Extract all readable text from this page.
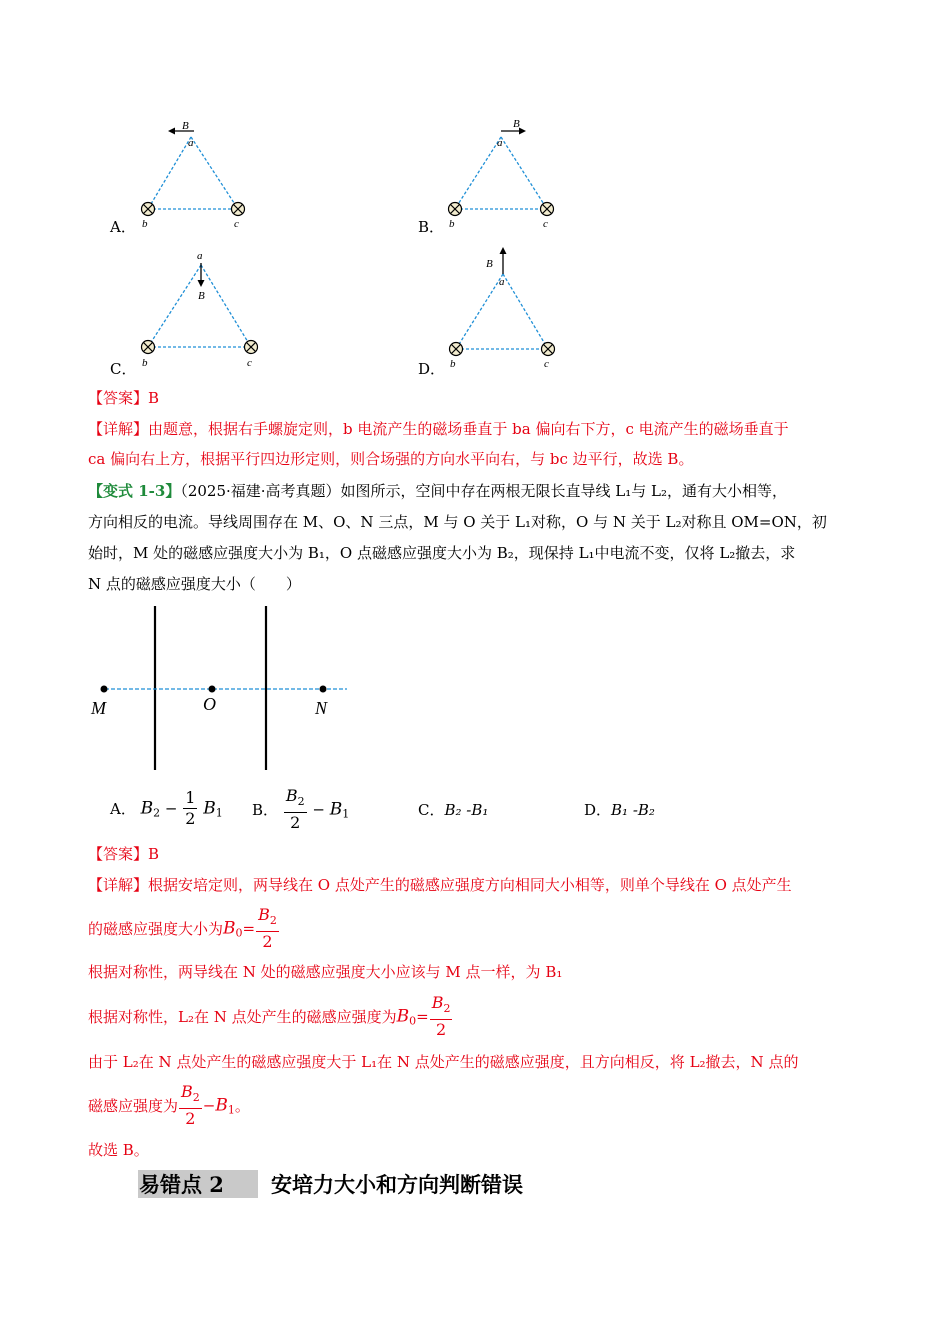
A．
B
a
b	c	B．
B
a
b	c
C．
a
B
b	c	D．
B
a
b	c
【答案】B
【详解】由题意，根据右手螺旋定则，b 电流产生的磁场垂直于 ba 偏向右下方，c 电流产生的磁场垂直于
ca 偏向右上方，根据平行四边形定则，则合场强的方向水平向右，与 bc 边平行，故选 B。
【变式 1-3】（2025·福建·高考真题）如图所示，空间中存在两根无限长直导线 L₁与 L₂，通有大小相等，
方向相反的电流。导线周围存在 M、O、N 三点，M 与 O 关于 L₁对称，O 与 N 关于 L₂对称且 OM=ON，初
始时，M 处的磁感应强度大小为 B₁，O 点磁感应强度大小为 B₂，现保持 L₁中电流不变，仅将 L₂撤去，求
N 点的磁感应强度大小（　　）
M	O	N
A． $B_2 - \frac{1}{2} B_1$ B． $\frac{B_2}{2} - B_1$	C．B₂ -B₁	D．B₁ -B₂
【答案】B
【详解】根据安培定则，两导线在 O 点处产生的磁感应强度方向相同大小相等，则单个导线在 O 点处产生
的磁感应强度大小为$B_0= \frac{B_2}{2}$
根据对称性，两导线在 N 处的磁感应强度大小应该与 M 点一样，为 B₁
根据对称性，L₂在 N 点处产生的磁感应强度为$B_0= \frac{B_2}{2}$
由于 L₂在 N 点处产生的磁感应强度大于 L₁在 N 点处产生的磁感应强度，且方向相反，将 L₂撤去，N 点的
磁感应强度为 $\frac{B_2}{2} -B_1$。
故选 B。
易错点 2 安培力大小和方向判断错误
